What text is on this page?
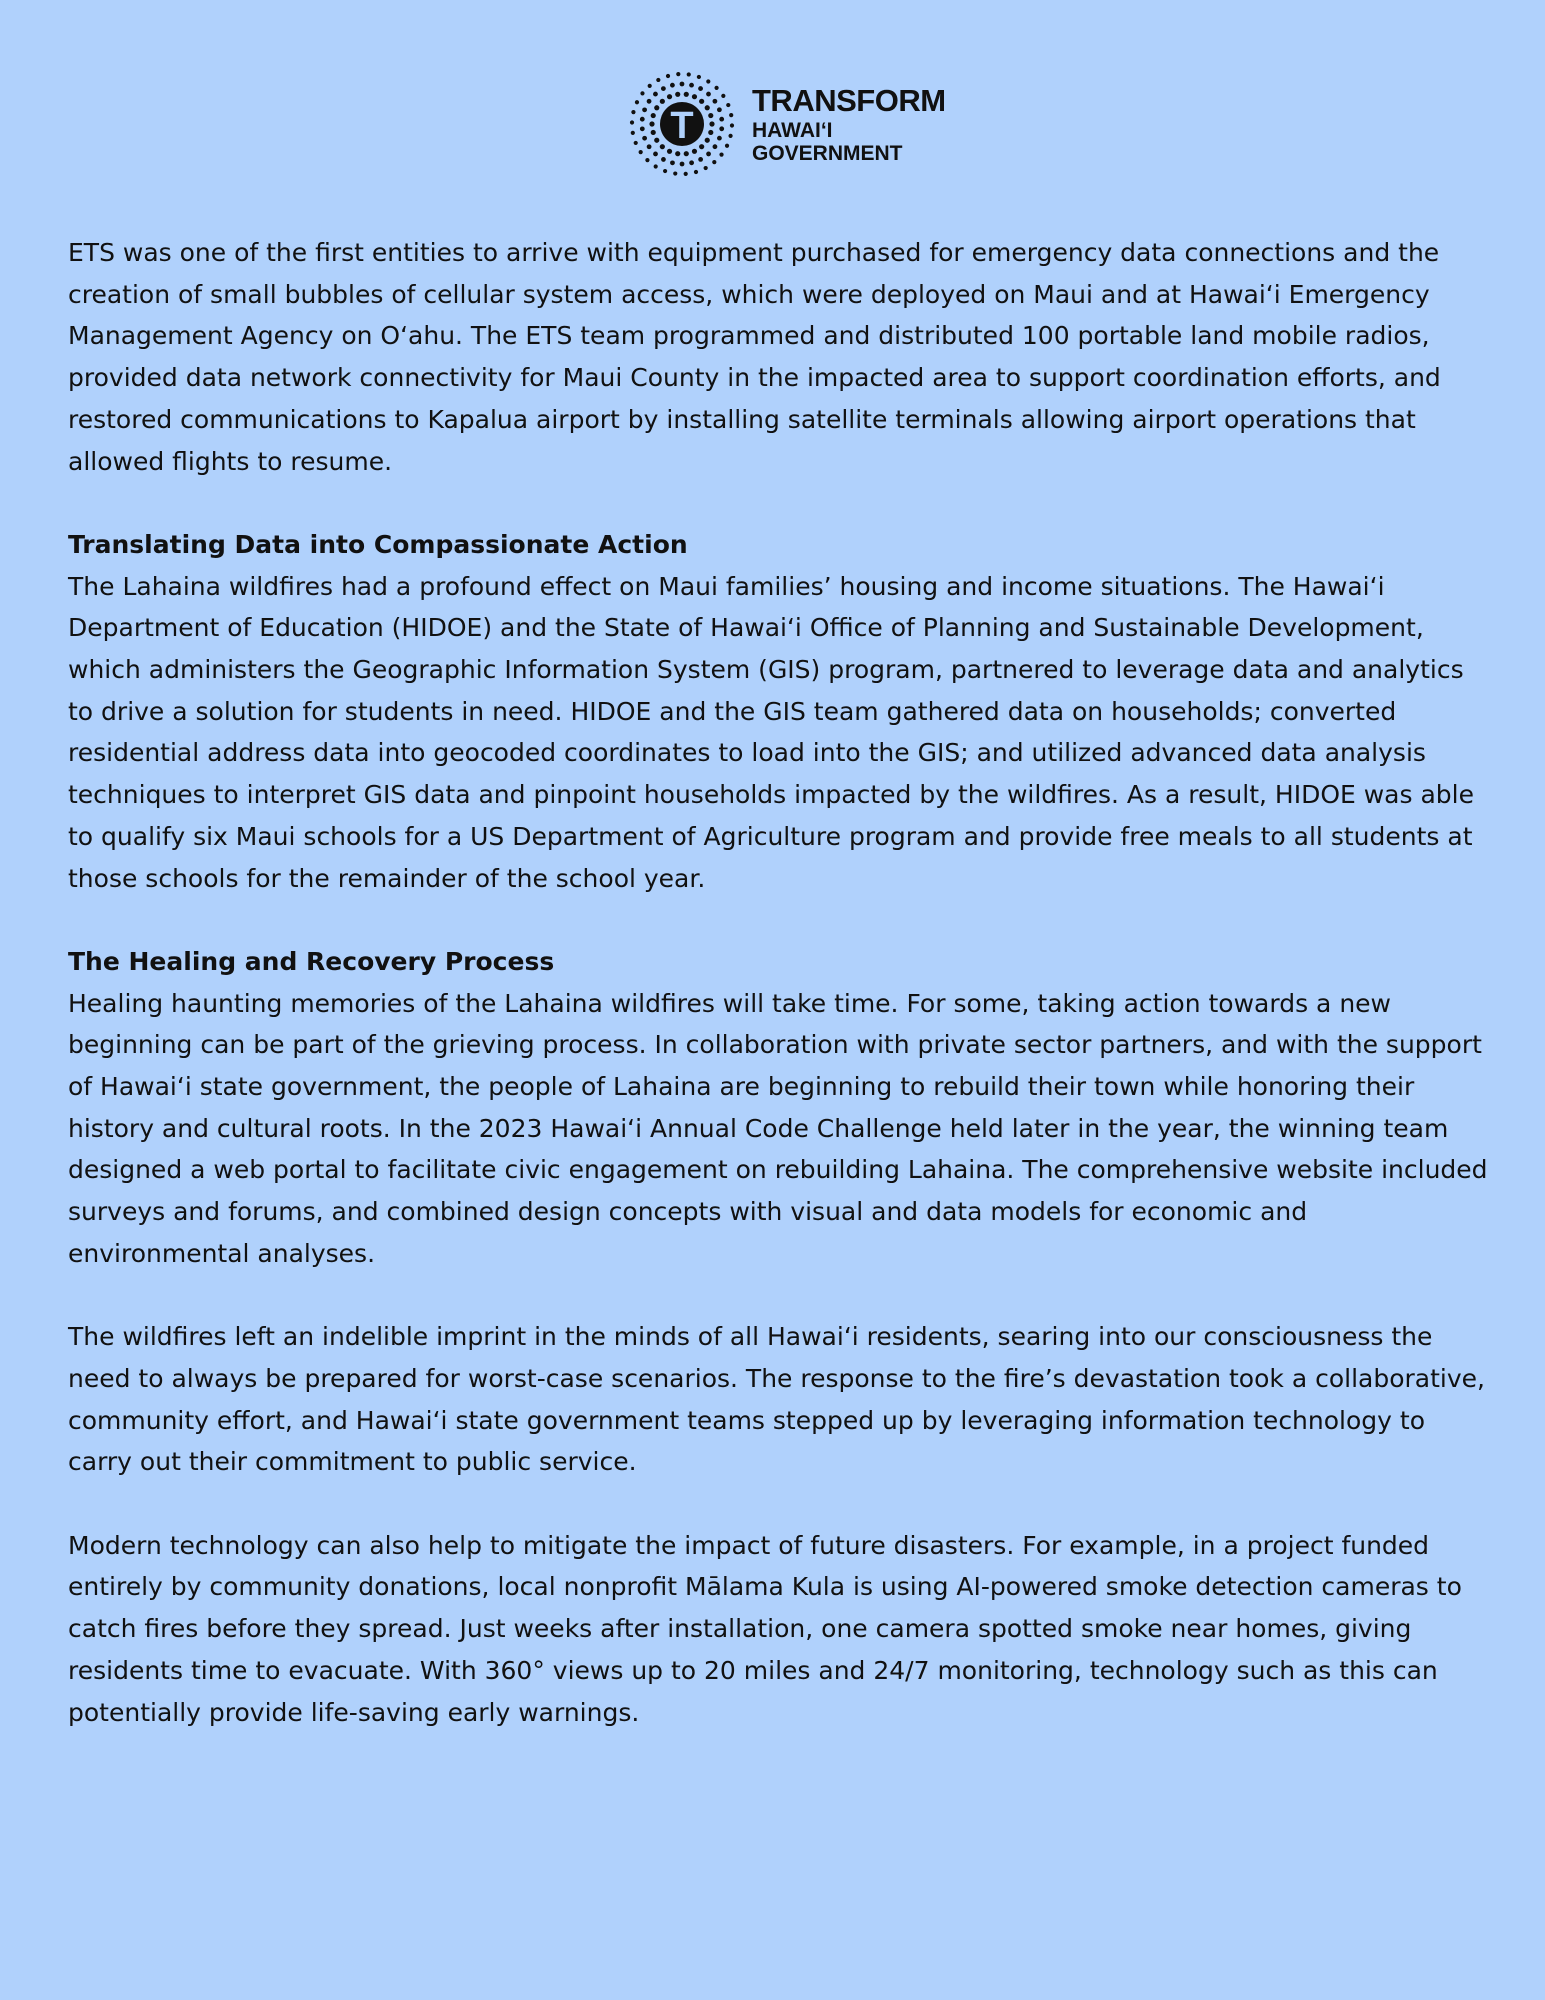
T
TRANSFORM
HAWAIʻI
GOVERNMENT

ETS was one of the first entities to arrive with equipment purchased for emergency data connections and the creation of small bubbles of cellular system access, which were deployed on Maui and at Hawaiʻi Emergency Management Agency on Oʻahu. The ETS team programmed and distributed 100 portable land mobile radios, provided data network connectivity for Maui County in the impacted area to support coordination efforts, and restored communications to Kapalua airport by installing satellite terminals allowing airport operations that allowed flights to resume.

Translating Data into Compassionate Action

The Lahaina wildfires had a profound effect on Maui families’ housing and income situations. The Hawaiʻi Department of Education (HIDOE) and the State of Hawaiʻi Office of Planning and Sustainable Development, which administers the Geographic Information System (GIS) program, partnered to leverage data and analytics to drive a solution for students in need. HIDOE and the GIS team gathered data on households; converted residential address data into geocoded coordinates to load into the GIS; and utilized advanced data analysis techniques to interpret GIS data and pinpoint households impacted by the wildfires. As a result, HIDOE was able to qualify six Maui schools for a US Department of Agriculture program and provide free meals to all students at those schools for the remainder of the school year.

The Healing and Recovery Process

Healing haunting memories of the Lahaina wildfires will take time. For some, taking action towards a new beginning can be part of the grieving process. In collaboration with private sector partners, and with the support of Hawaiʻi state government, the people of Lahaina are beginning to rebuild their town while honoring their history and cultural roots. In the 2023 Hawaiʻi Annual Code Challenge held later in the year, the winning team designed a web portal to facilitate civic engagement on rebuilding Lahaina. The comprehensive website included surveys and forums, and combined design concepts with visual and data models for economic and environmental analyses.

The wildfires left an indelible imprint in the minds of all Hawaiʻi residents, searing into our consciousness the need to always be prepared for worst-case scenarios. The response to the fire’s devastation took a collaborative, community effort, and Hawaiʻi state government teams stepped up by leveraging information technology to carry out their commitment to public service.

Modern technology can also help to mitigate the impact of future disasters. For example, in a project funded entirely by community donations, local nonprofit Mālama Kula is using AI-powered smoke detection cameras to catch fires before they spread. Just weeks after installation, one camera spotted smoke near homes, giving residents time to evacuate. With 360° views up to 20 miles and 24/7 monitoring, technology such as this can potentially provide life-saving early warnings.
